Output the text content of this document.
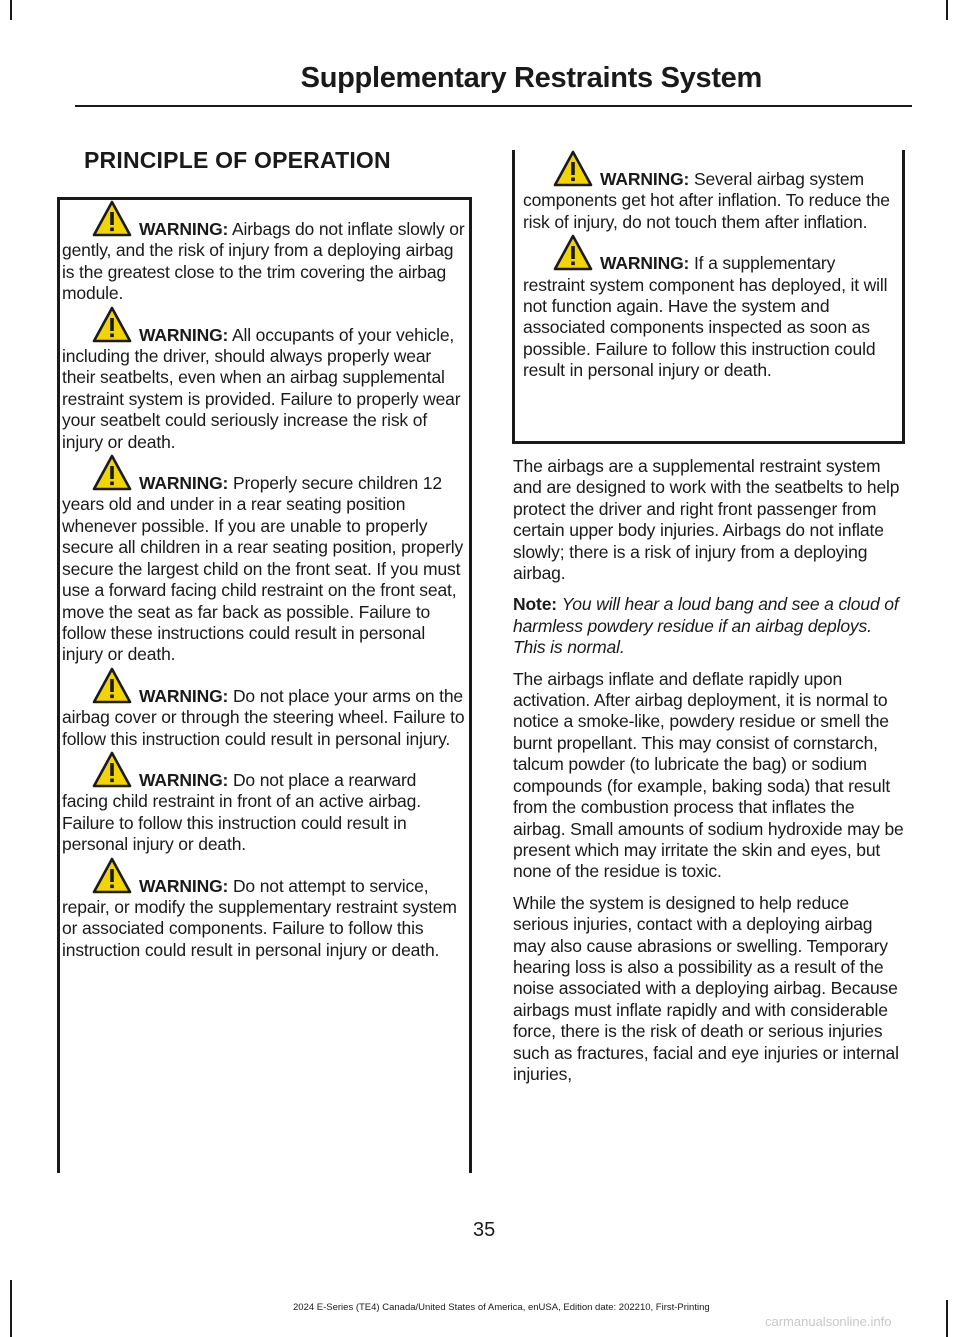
Supplementary Restraints System
PRINCIPLE OF OPERATION

WARNING: Airbags do not inflate slowly or gently, and the risk of injury from a deploying airbag is the greatest close to the trim covering the airbag module.

WARNING: All occupants of your vehicle, including the driver, should always properly wear their seatbelts, even when an airbag supplemental restraint system is provided. Failure to properly wear your seatbelt could seriously increase the risk of injury or death.

WARNING: Properly secure children 12 years old and under in a rear seating position whenever possible. If you are unable to properly secure all children in a rear seating position, properly secure the largest child on the front seat. If you must use a forward facing child restraint on the front seat, move the seat as far back as possible. Failure to follow these instructions could result in personal injury or death.

WARNING: Do not place your arms on the airbag cover or through the steering wheel. Failure to follow this instruction could result in personal injury.

WARNING: Do not place a rearward facing child restraint in front of an active airbag. Failure to follow this instruction could result in personal injury or death.

WARNING: Do not attempt to service, repair, or modify the supplementary restraint system or associated components. Failure to follow this instruction could result in personal injury or death.

WARNING: Several airbag system components get hot after inflation. To reduce the risk of injury, do not touch them after inflation.

WARNING: If a supplementary restraint system component has deployed, it will not function again. Have the system and associated components inspected as soon as possible. Failure to follow this instruction could result in personal injury or death.

The airbags are a supplemental restraint system and are designed to work with the seatbelts to help protect the driver and right front passenger from certain upper body injuries. Airbags do not inflate slowly; there is a risk of injury from a deploying airbag.

Note: You will hear a loud bang and see a cloud of harmless powdery residue if an airbag deploys. This is normal.

The airbags inflate and deflate rapidly upon activation. After airbag deployment, it is normal to notice a smoke-like, powdery residue or smell the burnt propellant. This may consist of cornstarch, talcum powder (to lubricate the bag) or sodium compounds (for example, baking soda) that result from the combustion process that inflates the airbag. Small amounts of sodium hydroxide may be present which may irritate the skin and eyes, but none of the residue is toxic.

While the system is designed to help reduce serious injuries, contact with a deploying airbag may also cause abrasions or swelling. Temporary hearing loss is also a possibility as a result of the noise associated with a deploying airbag. Because airbags must inflate rapidly and with considerable force, there is the risk of death or serious injuries such as fractures, facial and eye injuries or internal injuries,

35
2024 E-Series (TE4) Canada/United States of America, enUSA, Edition date: 202210, First-Printing
carmanualsonline.info
